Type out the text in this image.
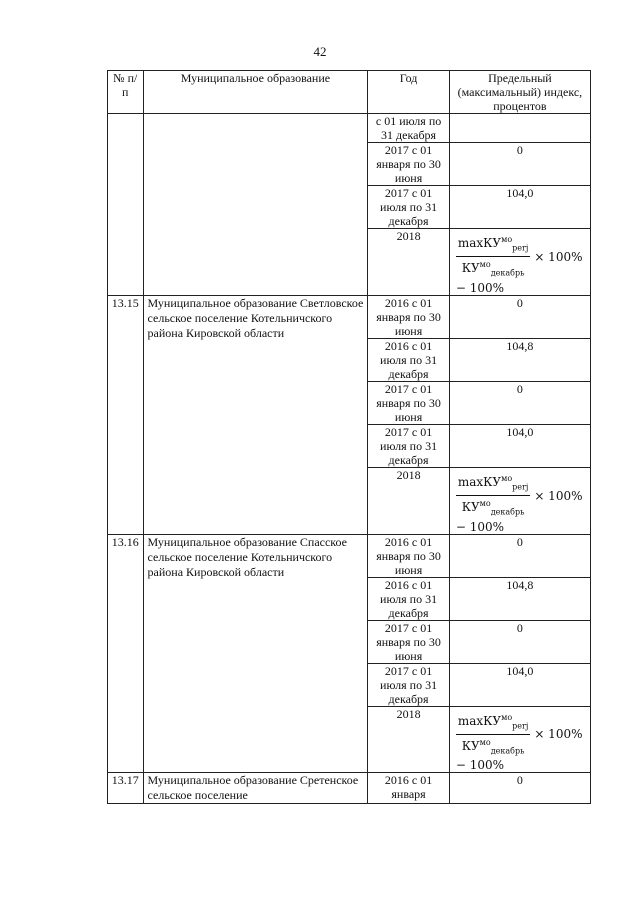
42
№ п/п	Муниципальное образование	Год	Предельный (максимальный) индекс, процентов
		с 01 июля по 31 декабря	
		2017 с 01 января по 30 июня	0
		2017 с 01 июля по 31 декабря	104,0
		2018	$\frac{\max КУ^{мо}_{perj}}{КУ^{мо}_{декабрь}} \times 100\%$
− 100%

13.15	Муниципальное образование Светловское сельское поселение Котельничского района Кировской области	2016 с 01 января по 30 июня	0
		2016 с 01 июля по 31 декабря	104,8
		2017 с 01 января по 30 июня	0
		2017 с 01 июля по 31 декабря	104,0
		2018	$\frac{\max КУ^{мо}_{perj}}{КУ^{мо}_{декабрь}} \times 100\%$
− 100%

13.16	Муниципальное образование Спасское сельское поселение Котельничского района Кировской области	2016 с 01 января по 30 июня	0
		2016 с 01 июля по 31 декабря	104,8
		2017 с 01 января по 30 июня	0
		2017 с 01 июля по 31 декабря	104,0
		2018	$\frac{\max КУ^{мо}_{perj}}{КУ^{мо}_{декабрь}} \times 100\%$
− 100%

13.17	Муниципальное образование Сретенское сельское поселение	2016 с 01 января	0
